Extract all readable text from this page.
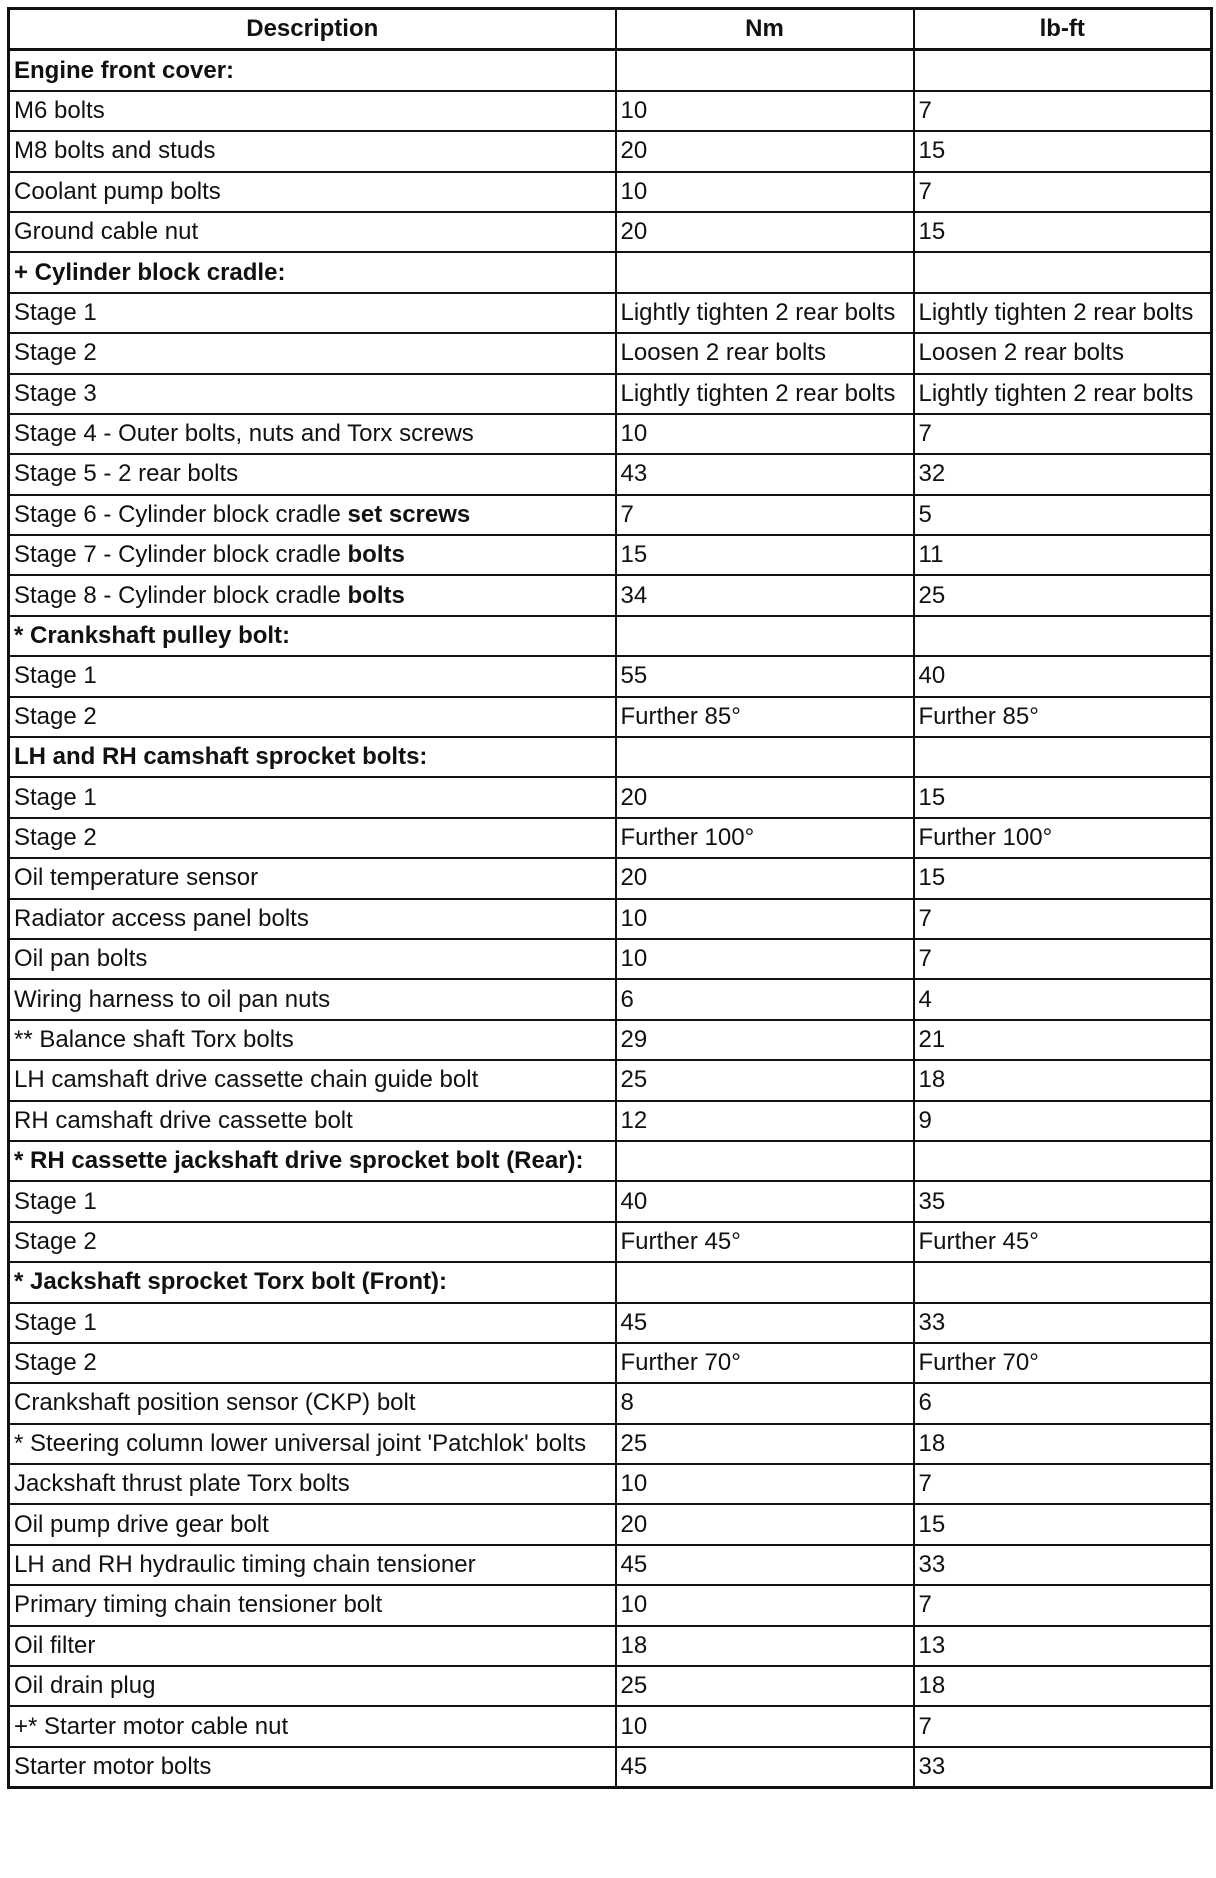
Description	Nm	lb-ft
Engine front cover:		
M6 bolts	10	7
M8 bolts and studs	20	15
Coolant pump bolts	10	7
Ground cable nut	20	15
+ Cylinder block cradle:		
Stage 1	Lightly tighten 2 rear bolts	Lightly tighten 2 rear bolts
Stage 2	Loosen 2 rear bolts	Loosen 2 rear bolts
Stage 3	Lightly tighten 2 rear bolts	Lightly tighten 2 rear bolts
Stage 4 - Outer bolts, nuts and Torx screws	10	7
Stage 5 - 2 rear bolts	43	32
Stage 6 - Cylinder block cradle set screws	7	5
Stage 7 - Cylinder block cradle bolts	15	11
Stage 8 - Cylinder block cradle bolts	34	25
* Crankshaft pulley bolt:		
Stage 1	55	40
Stage 2	Further 85°	Further 85°
LH and RH camshaft sprocket bolts:		
Stage 1	20	15
Stage 2	Further 100°	Further 100°
Oil temperature sensor	20	15
Radiator access panel bolts	10	7
Oil pan bolts	10	7
Wiring harness to oil pan nuts	6	4
** Balance shaft Torx bolts	29	21
LH camshaft drive cassette chain guide bolt	25	18
RH camshaft drive cassette bolt	12	9
* RH cassette jackshaft drive sprocket bolt (Rear):		
Stage 1	40	35
Stage 2	Further 45°	Further 45°
* Jackshaft sprocket Torx bolt (Front):		
Stage 1	45	33
Stage 2	Further 70°	Further 70°
Crankshaft position sensor (CKP) bolt	8	6
* Steering column lower universal joint 'Patchlok' bolts	25	18
Jackshaft thrust plate Torx bolts	10	7
Oil pump drive gear bolt	20	15
LH and RH hydraulic timing chain tensioner	45	33
Primary timing chain tensioner bolt	10	7
Oil filter	18	13
Oil drain plug	25	18
+* Starter motor cable nut	10	7
Starter motor bolts	45	33
